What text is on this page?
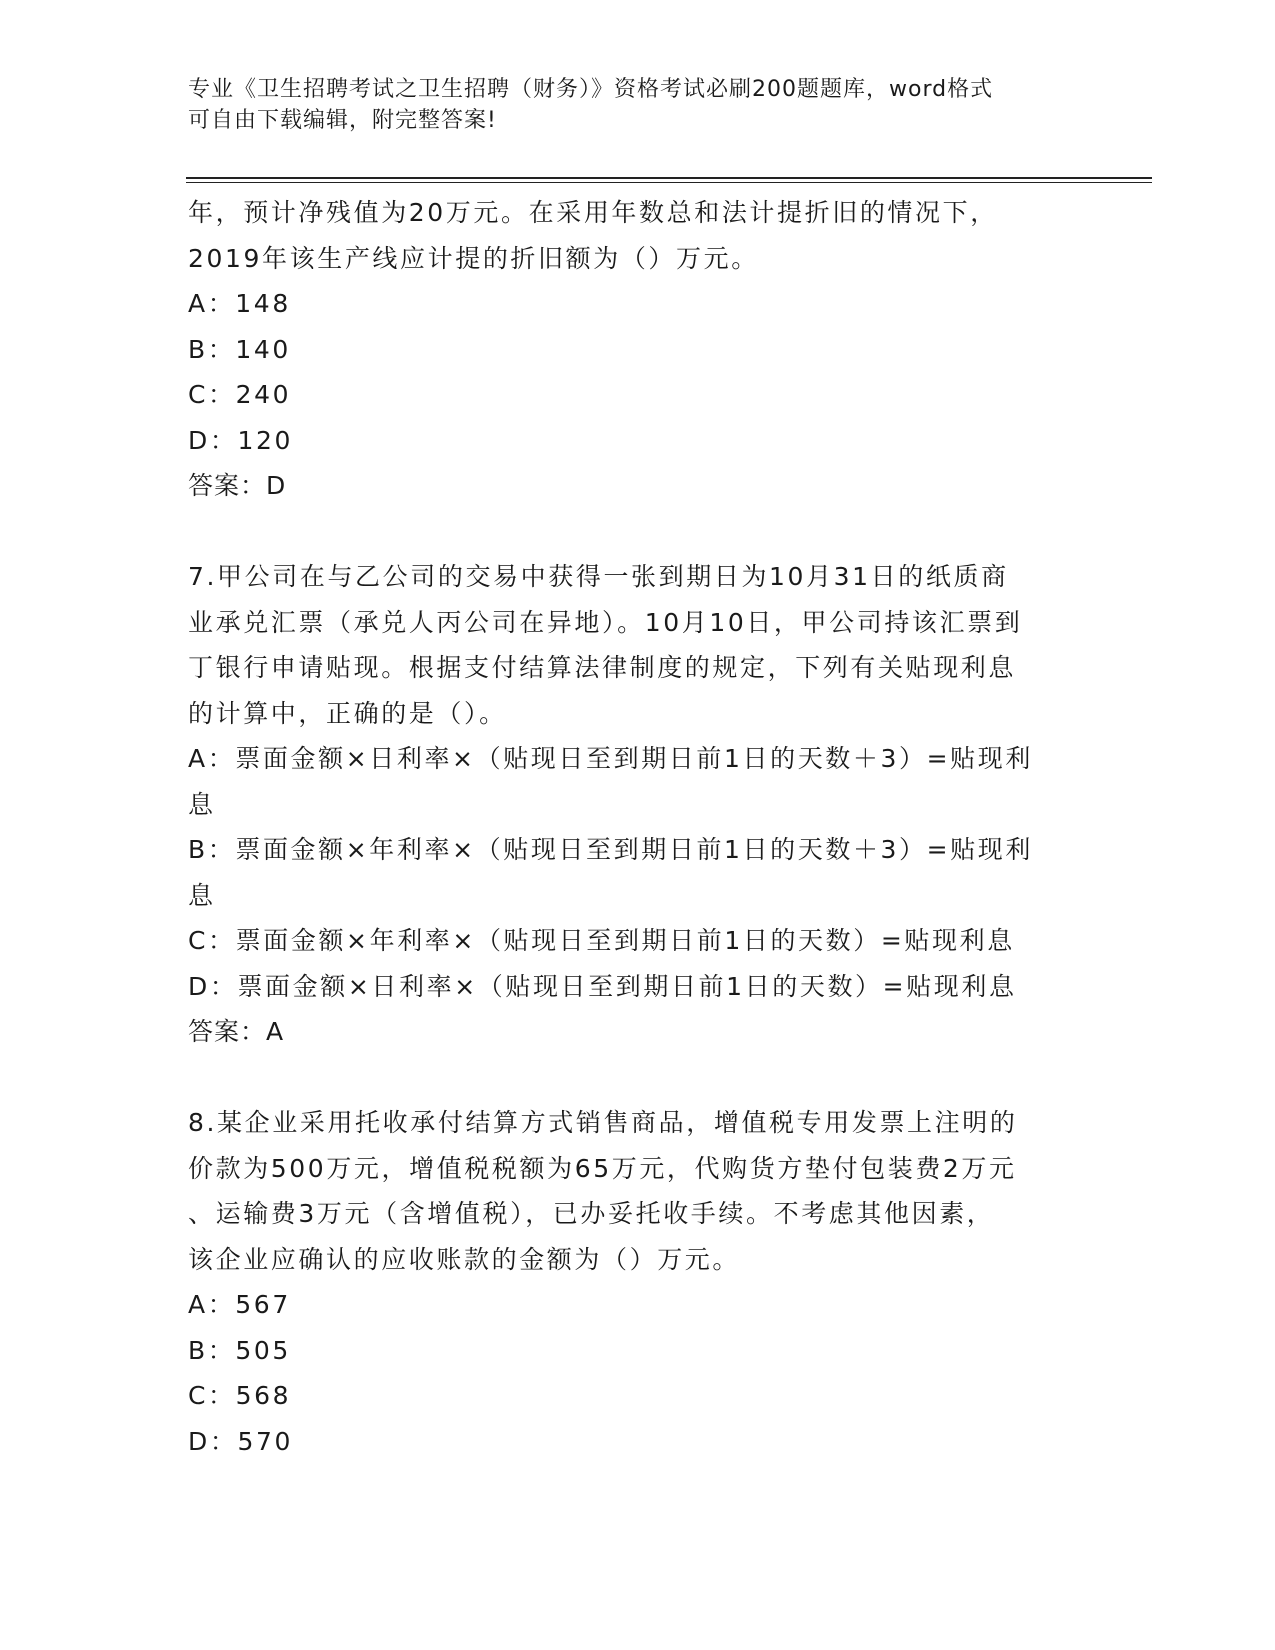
专业《卫生招聘考试之卫生招聘（财务）》资格考试必刷200题题库，word格式
可自由下载编辑，附完整答案!
年，预计净残值为20万元。在采用年数总和法计提折旧的情况下，
2019年该生产线应计提的折旧额为（）万元。
A：148
B：140
C：240
D：120
答案：D
7.甲公司在与乙公司的交易中获得一张到期日为10月31日的纸质商
业承兑汇票（承兑人丙公司在异地）。10月10日，甲公司持该汇票到
丁银行申请贴现。根据支付结算法律制度的规定，下列有关贴现利息
的计算中，正确的是（）。
A：票面金额×日利率×（贴现日至到期日前1日的天数＋3）=贴现利
息
B：票面金额×年利率×（贴现日至到期日前1日的天数＋3）=贴现利
息
C：票面金额×年利率×（贴现日至到期日前1日的天数）=贴现利息
D：票面金额×日利率×（贴现日至到期日前1日的天数）=贴现利息
答案：A
8.某企业采用托收承付结算方式销售商品，增值税专用发票上注明的
价款为500万元，增值税税额为65万元，代购货方垫付包装费2万元
、运输费3万元（含增值税），已办妥托收手续。不考虑其他因素，
该企业应确认的应收账款的金额为（）万元。
A：567
B：505
C：568
D：570
